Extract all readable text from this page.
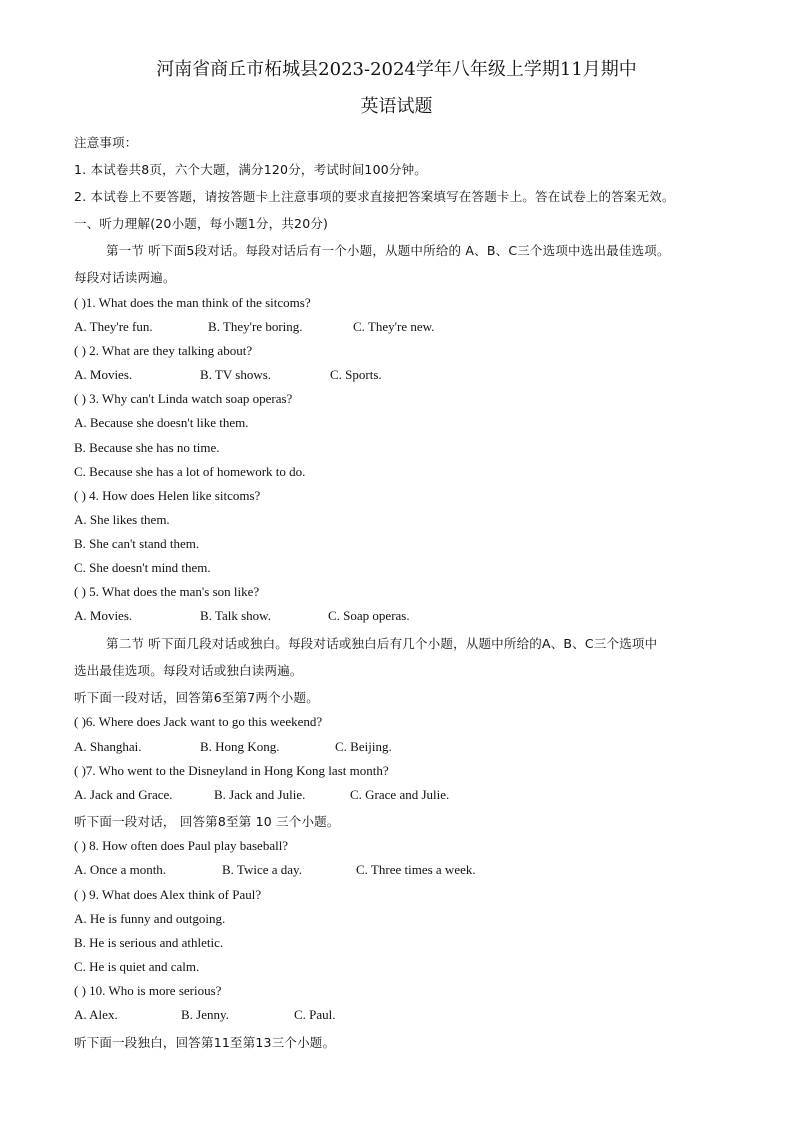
河南省商丘市柘城县2023-2024学年八年级上学期11月期中
英语试题
注意事项：
1. 本试卷共8页，六个大题，满分120分，考试时间100分钟。
2. 本试卷上不要答题，请按答题卡上注意事项的要求直接把答案填写在答题卡上。答在试卷上的答案无效。
一、听力理解(20小题，每小题1分，共20分)
第一节 听下面5段对话。每段对话后有一个小题，从题中所给的 A、B、C三个选项中选出最佳选项。
每段对话读两遍。
( )1. What does the man think of the sitcoms?
A. They're fun.	B. They're boring.	C. They're new.
( ) 2. What are they talking about?
A. Movies.	B. TV shows.	C. Sports.
( ) 3. Why can't Linda watch soap operas?
A. Because she doesn't like them.
B. Because she has no time.
C. Because she has a lot of homework to do.
( ) 4. How does Helen like sitcoms?
A. She likes them.
B. She can't stand them.
C. She doesn't mind them.
( ) 5. What does the man's son like?
A. Movies.	B. Talk show.	C. Soap operas.
第二节 听下面几段对话或独白。每段对话或独白后有几个小题，从题中所给的A、B、C三个选项中
选出最佳选项。每段对话或独白读两遍。
听下面一段对话，回答第6至第7两个小题。
( )6. Where does Jack want to go this weekend?
A. Shanghai.	B. Hong Kong.	C. Beijing.
( )7. Who went to the Disneyland in Hong Kong last month?
A. Jack and Grace.	B. Jack and Julie.	C. Grace and Julie.
听下面一段对话， 回答第8至第 10 三个小题。
( ) 8. How often does Paul play baseball?
A. Once a month.	B. Twice a day.	C. Three times a week.
( ) 9. What does Alex think of Paul?
A. He is funny and outgoing.
B. He is serious and athletic.
C. He is quiet and calm.
( ) 10. Who is more serious?
A. Alex.	B. Jenny.	C. Paul.
听下面一段独白，回答第11至第13三个小题。
